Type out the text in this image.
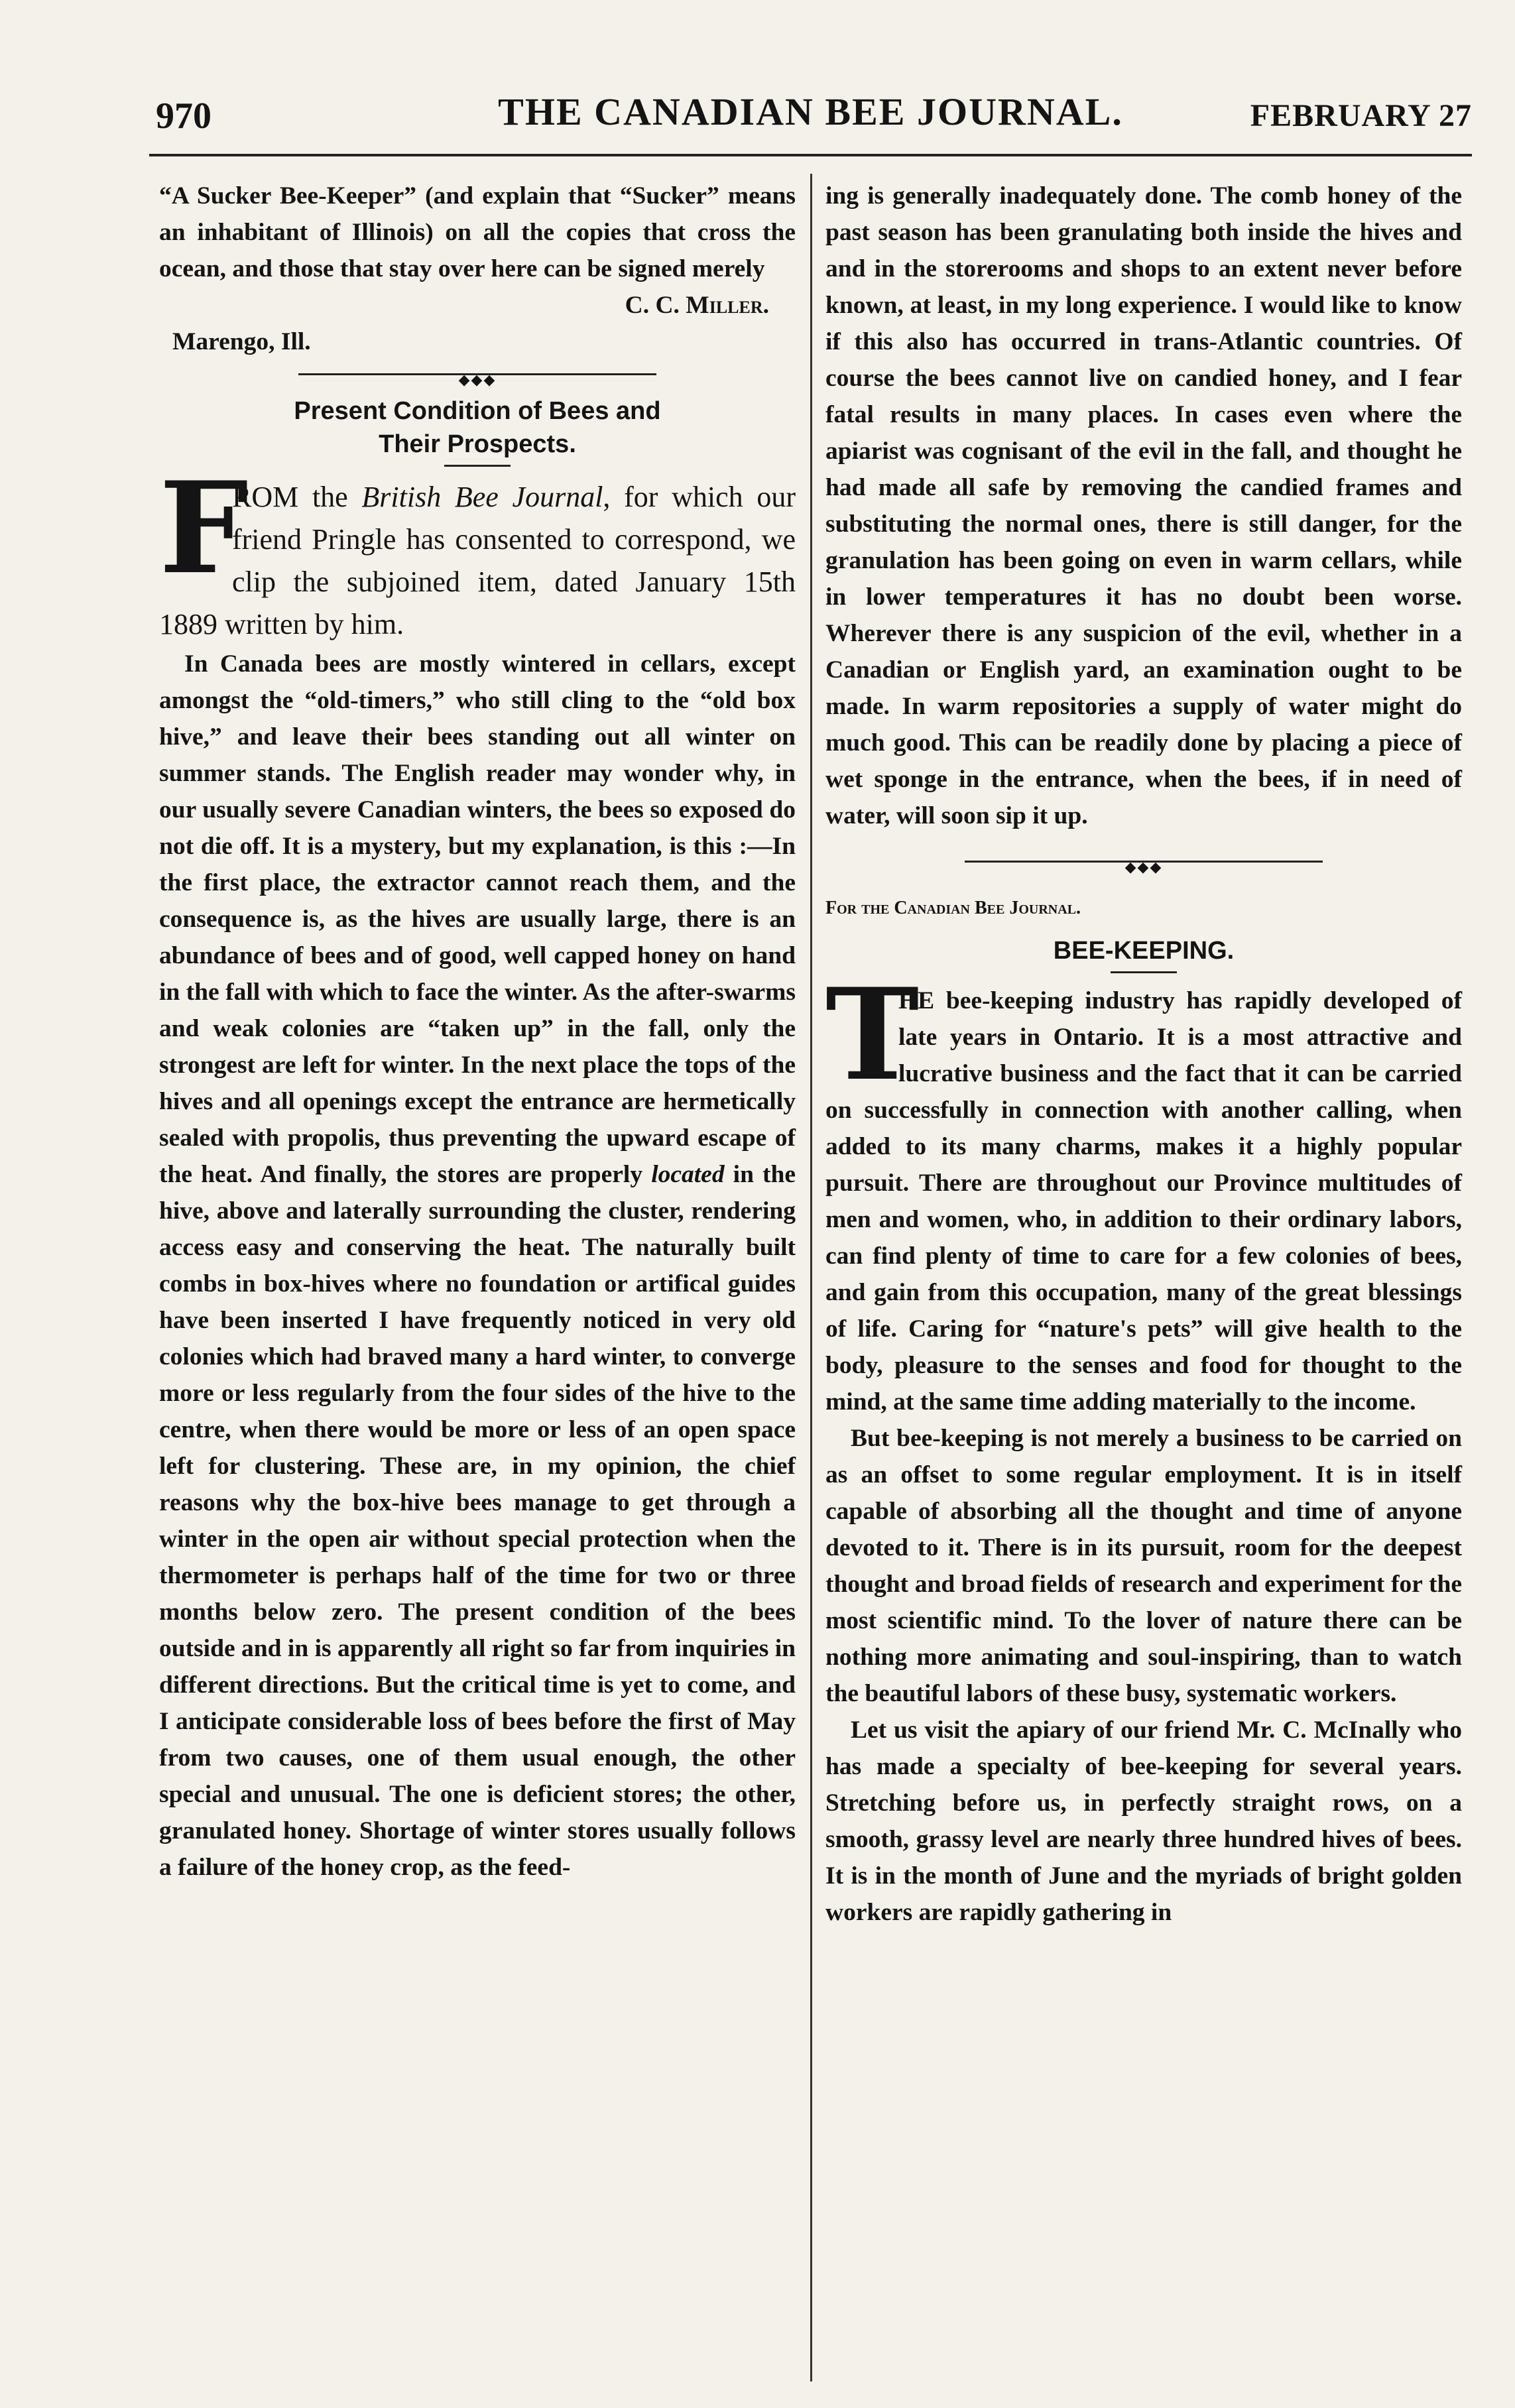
970	THE CANADIAN BEE JOURNAL.	FEBRUARY 27

“A Sucker Bee-Keeper” (and explain that “Sucker” means an inhabitant of Illinois) on all the copies that cross the ocean, and those that stay over here can be signed merely

C. C. Miller.
Marengo, Ill.
◆◆◆
Present Condition of Bees and
Their Prospects.

F
ROM the British Bee Journal, for which our friend Pringle has consented to correspond, we clip the subjoined item, dated January 15th 1889 written by him.

In Canada bees are mostly wintered in cellars, except amongst the “old-timers,” who still cling to the “old box hive,” and leave their bees standing out all winter on summer stands. The English reader may wonder why, in our usually severe Canadian winters, the bees so exposed do not die off. It is a mystery, but my explanation, is this :—In the first place, the extractor cannot reach them, and the consequence is, as the hives are usually large, there is an abundance of bees and of good, well capped honey on hand in the fall with which to face the winter. As the after-swarms and weak colonies are “taken up” in the fall, only the strongest are left for winter. In the next place the tops of the hives and all openings except the entrance are hermetically sealed with propolis, thus preventing the upward escape of the heat. And finally, the stores are properly located in the hive, above and laterally surrounding the cluster, rendering access easy and conserving the heat. The naturally built combs in box-hives where no foundation or artifical guides have been inserted I have frequently noticed in very old colonies which had braved many a hard winter, to converge more or less regularly from the four sides of the hive to the centre, when there would be more or less of an open space left for clustering. These are, in my opinion, the chief reasons why the box-hive bees manage to get through a winter in the open air without special protection when the thermometer is perhaps half of the time for two or three months below zero. The present condition of the bees outside and in is apparently all right so far from inquiries in different directions. But the critical time is yet to come, and I anticipate considerable loss of bees before the first of May from two causes, one of them usual enough, the other special and unusual. The one is deficient stores; the other, granulated honey. Shortage of winter stores usually follows a failure of the honey crop, as the feed-

ing is generally inadequately done. The comb honey of the past season has been granulating both inside the hives and and in the storerooms and shops to an extent never before known, at least, in my long experience. I would like to know if this also has occurred in trans-Atlantic countries. Of course the bees cannot live on candied honey, and I fear fatal results in many places. In cases even where the apiarist was cognisant of the evil in the fall, and thought he had made all safe by removing the candied frames and substituting the normal ones, there is still danger, for the granulation has been going on even in warm cellars, while in lower temperatures it has no doubt been worse. Wherever there is any suspicion of the evil, whether in a Canadian or English yard, an examination ought to be made. In warm repositories a supply of water might do much good. This can be readily done by placing a piece of wet sponge in the entrance, when the bees, if in need of water, will soon sip it up.

◆◆◆
For the Canadian Bee Journal.
BEE-KEEPING.

T
HE bee-keeping industry has rapidly developed of late years in Ontario. It is a most attractive and lucrative business and the fact that it can be carried on successfully in connection with another calling, when added to its many charms, makes it a highly popular pursuit. There are throughout our Province multitudes of men and women, who, in addition to their ordinary labors, can find plenty of time to care for a few colonies of bees, and gain from this occupation, many of the great blessings of life. Caring for “nature's pets” will give health to the body, pleasure to the senses and food for thought to the mind, at the same time adding materially to the income.

But bee-keeping is not merely a business to be carried on as an offset to some regular employment. It is in itself capable of absorbing all the thought and time of anyone devoted to it. There is in its pursuit, room for the deepest thought and broad fields of research and experiment for the most scientific mind. To the lover of nature there can be nothing more animating and soul-inspiring, than to watch the beautiful labors of these busy, systematic workers.

Let us visit the apiary of our friend Mr. C. McInally who has made a specialty of bee-keeping for several years. Stretching before us, in perfectly straight rows, on a smooth, grassy level are nearly three hundred hives of bees. It is in the month of June and the myriads of bright golden workers are rapidly gathering in
